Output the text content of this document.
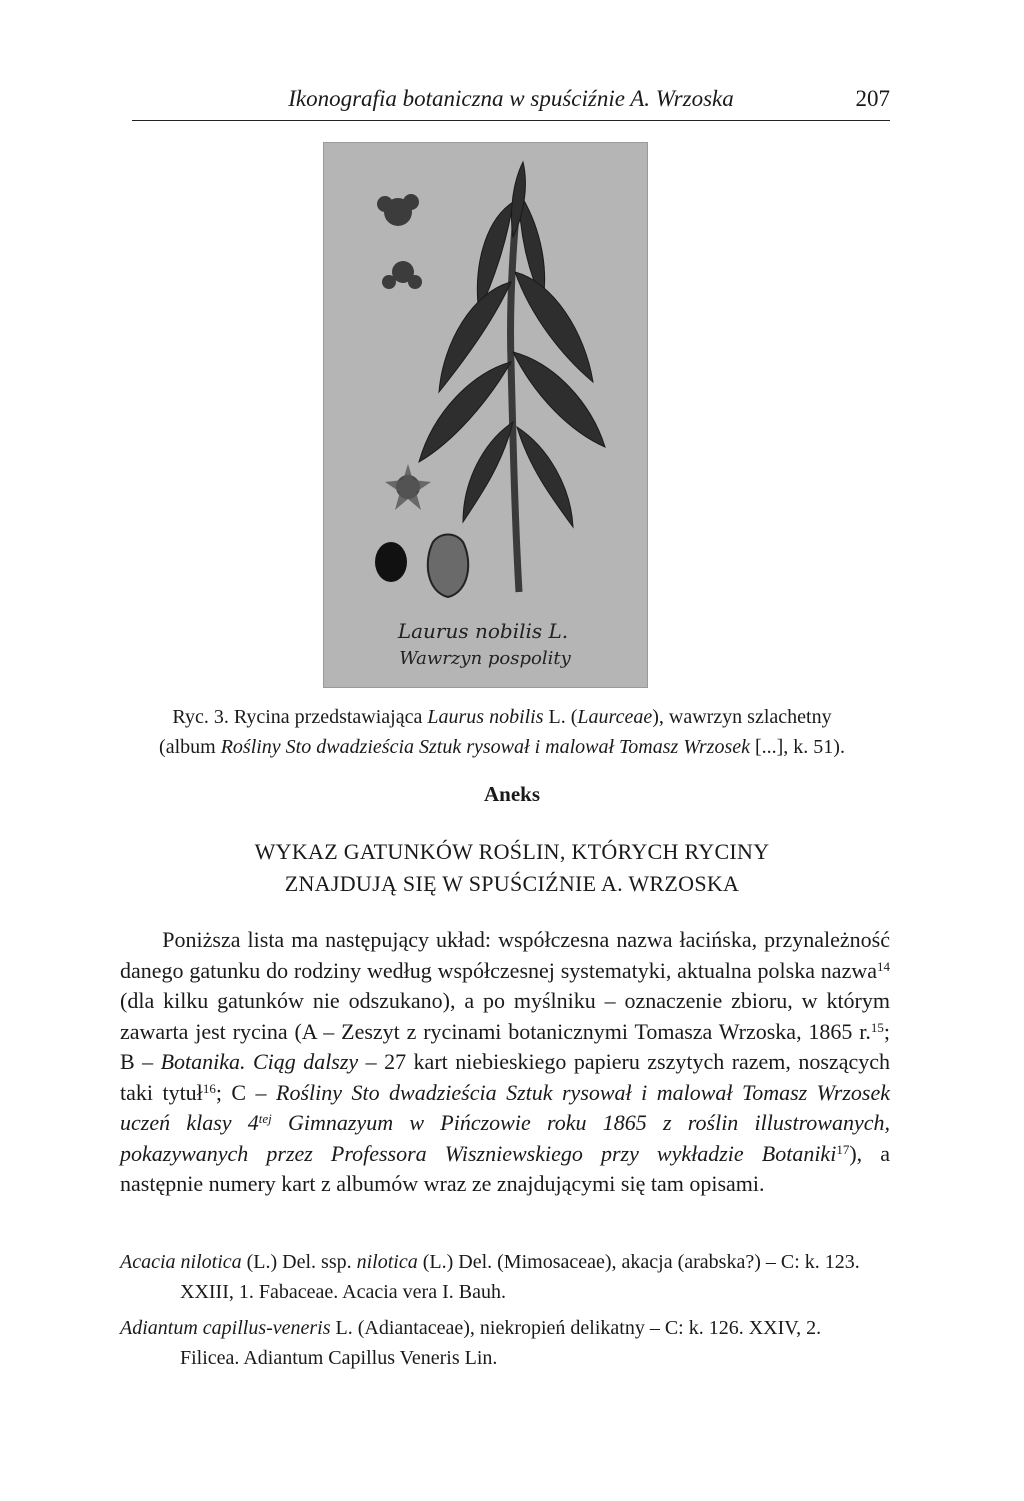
Ikonografia botaniczna w spuściźnie A. Wrzoska	207
Laurus nobilis L.
Wawrzyn pospolity
Ryc. 3. Rycina przedstawiająca Laurus nobilis L. (Laurceae), wawrzyn szlachetny
(album Rośliny Sto dwadzieścia Sztuk rysował i malował Tomasz Wrzosek [...], k. 51).
Aneks
WYKAZ GATUNKÓW ROŚLIN, KTÓRYCH RYCINY
ZNAJDUJĄ SIĘ W SPUŚCIŹNIE A. WRZOSKA

Poniższa lista ma następujący układ: współczesna nazwa łacińska, przynależność danego gatunku do rodziny według współczesnej systematyki, aktualna polska nazwa$^{14}$ (dla kilku gatunków nie odszukano), a po myślniku – oznaczenie zbioru, w którym zawarta jest rycina (A – Zeszyt z rycinami botanicznymi Tomasza Wrzoska, 1865 r.$^{15}$; B – Botanika. Ciąg dalszy – 27 kart niebieskiego papieru zszytych razem, noszących taki tytuł$^{16}$; C – Rośliny Sto dwadzieścia Sztuk rysował i malował Tomasz Wrzosek uczeń klasy $4^{tej}$ Gimnazyum w Pińczowie roku 1865 z roślin illustrowanych, pokazywanych przez Professora Wiszniewskiego przy wykładzie Botaniki$^{17}$), a następnie numery kart z albumów wraz ze znajdującymi się tam opisami.

Acacia nilotica (L.) Del. ssp. nilotica (L.) Del. (Mimosaceae), akacja (arabska?) – C: k. 123.
XXIII, 1. Fabaceae. Acacia vera I. Bauh.
Adiantum capillus-veneris L. (Adiantaceae), niekropień delikatny – C: k. 126. XXIV, 2.
Filicea. Adiantum Capillus Veneris Lin.
